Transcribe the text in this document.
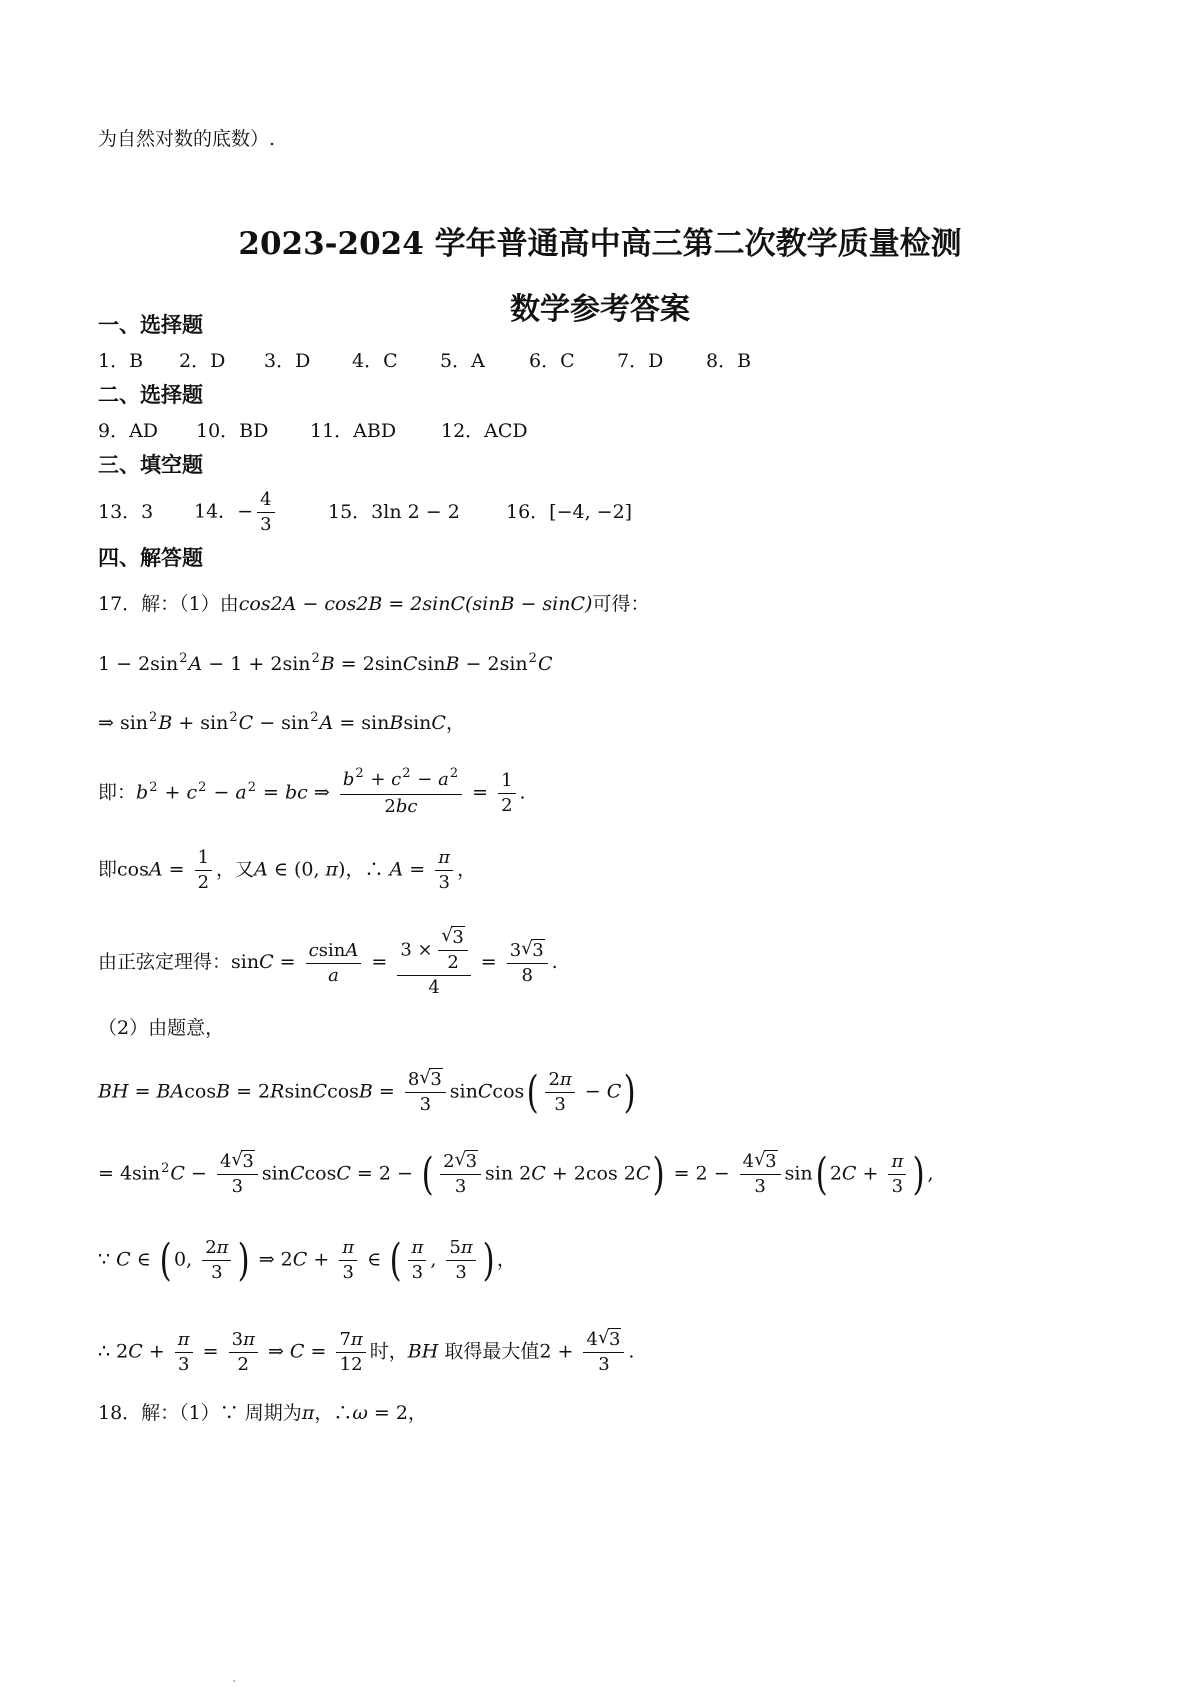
为自然对数的底数）.
2023-2024 学年普通高中高三第二次教学质量检测
数学参考答案
一、选择题
1．B 2．D 3．D 4．C 5．A 6．C 7．D 8．B
二、选择题
9．AD 10．BD 11．ABD 12．ACD
三、填空题
13．3 14．− $\frac{4}{3}$	15．3ln 2 − 2 16．[−4, −2]
四、解答题
17．解：（1）由cos2A − cos2B = 2sinC(sinB − sinC)可得：
$1 - 2\sin^2A - 1 + 2\sin^2B$ = 2sinCsinB − $2\sin^2C$
⇒ $\sin^2B + \sin^2C - \sin^2A$ = sinBsinC，
即：$b^2 + c^2 - a^2$ = bc ⇒ $\frac{b^2 + c^2 - a^2}{2bc} = \frac{1}{2}$ .
即$\cos A = \frac{1}{2}$ ，又A ∈ (0, π)，∴ $A = \frac{\pi}{3}$ ，
由正弦定理得：$\sin C = \frac{csinA}{a} = 3$ ×
√ $\frac{3}{2}$
$4 = \frac{3√ 3}{8}$ .
（2）由题意，
BH = BAcosB = 2RsinCcosB = $\frac{8√ 3}{3}$ sinCcos( $\frac{2\pi}{3} - C$)
= $4\sin^2C - \frac{4√ 3}{3}$ sinCcosC = 2 − ( $\frac{2√ 3}{3}$ sin 2C + 2cos $2C) = 2 - \frac{4√ 3}{3} \sin$( $2C + \frac{\pi}{3}$ ) ,
∵ C ∈ ( 0, $\frac{2\pi}{3}$ ) ⇒ $2C + \frac{\pi}{3}$ ∈ ( $\frac{\pi}{3}$ , $\frac{5\pi}{3}$ ) ，
∴ $2C + \frac{\pi}{3} = \frac{3\pi}{2}$ ⇒ $C = \frac{7\pi}{12}$ 时，BH 取得最大值$2 + \frac{4√ 3}{3}$ .
18．解：（1）∵ 周期为π，∴ω = 2，
